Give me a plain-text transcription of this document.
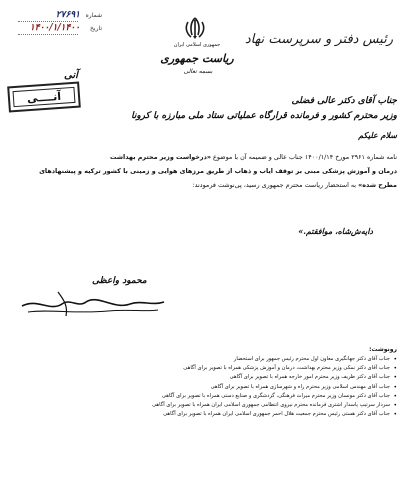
شماره
۲۷۶۹۱
تاریخ
۱۴۰۰/۱/۱۴۰۰
جمهوری اسلامی ایران
ریاست جمهوری
بسمه تعالی
رئیس دفتر و سرپرست نهاد
آنی
آنــــی	جناب آقای دکتر عالی فضلی
وزیر محترم کشور و فرمانده قرارگاه عملیاتی ستاد ملی مبارزه با کرونا
سلام علیکم
نامه شماره ۲۹۶۱ مورخ ۱۴۰۰/۱/۱۴ جناب عالی و ضمیمه آن با موضوع «درخواست وزیر محترم بهداشت
درمان و آموزش پزشکی مبنی بر توقف ایاب و ذهاب از طریق مرزهای هوایی و زمینی با کشور ترکیه و پیشنهادهای
مطرح شده» به استحضار ریاست محترم جمهوری رسید، پی‌نوشت فرمودند:
دایه‌ش‌شاه، موافقتم.»
محمود واعظی
رونوشت:
•
جناب آقای دکتر جهانگیری معاون اول محترم رئیس جمهور برای استحضار
•
جناب آقای دکتر نمکی وزیر محترم بهداشت، درمان و آموزش پزشکی همراه با تصویر برای آگاهی
•
جناب آقای دکتر ظریف وزیر محترم امور خارجه همراه با تصویر برای آگاهی
•
جناب آقای مهندس اسلامی وزیر محترم راه و شهرسازی همراه با تصویر برای آگاهی
•
جناب آقای دکتر مونسان وزیر محترم میراث فرهنگی، گردشگری و صنایع دستی همراه با تصویر برای آگاهی
•
سردار سرتیپ پاسدار اشتری فرمانده محترم نیروی انتظامی جمهوری اسلامی ایران همراه با تصویر برای آگاهی
•
جناب آقای دکتر هستی رئیس محترم جمعیت هلال احمر جمهوری اسلامی ایران همراه با تصویر برای آگاهی
